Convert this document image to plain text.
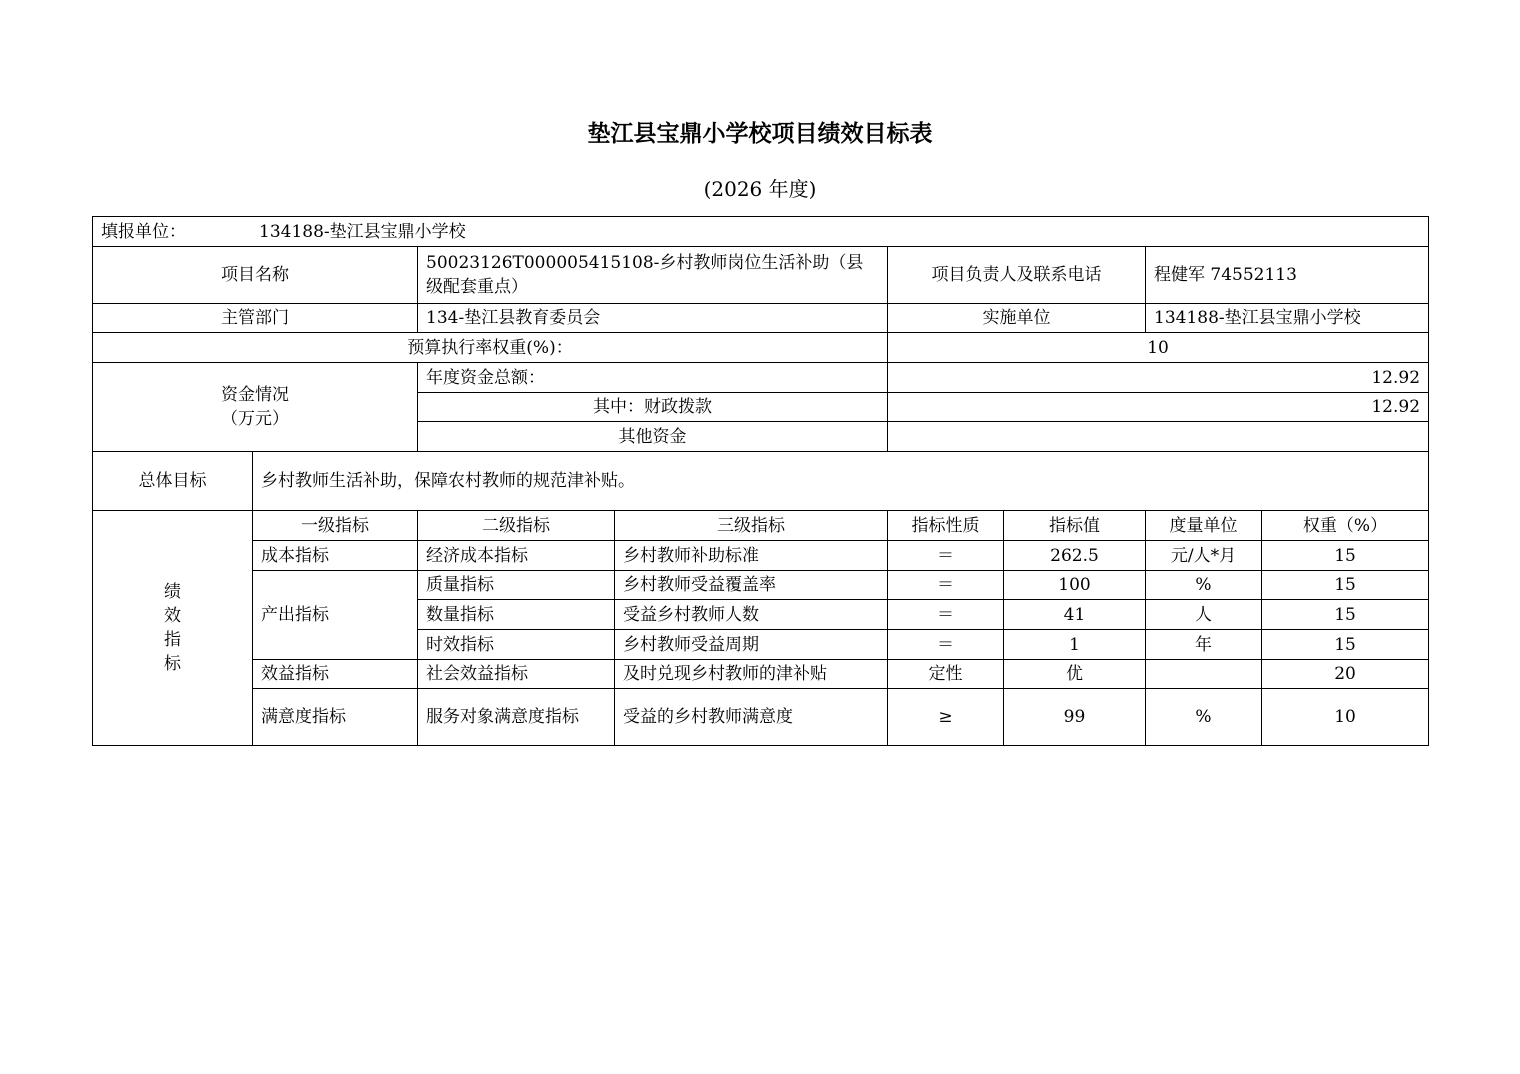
垫江县宝鼎小学校项目绩效目标表
(2026 年度)
填报单位： 134188-垫江县宝鼎小学校							
项目名称		50023126T000005415108-乡村教师岗位生活补助（县级配套重点）		项目负责人及联系电话		程健军 74552113	
主管部门		134-垫江县教育委员会		实施单位		134188-垫江县宝鼎小学校	
预算执行率权重(%)：				10			

资金情况
（万元）		年度资金总额：		12.92			
		其中：财政拨款		12.92			
		其他资金					
总体目标	乡村教师生活补助，保障农村教师的规范津补贴。						

绩
效
指
标	一级指标	二级指标	三级指标	指标性质	指标值	度量单位	权重（%）
	成本指标	经济成本指标	乡村教师补助标准	＝	262.5	元/人*月	15
	产出指标	质量指标	乡村教师受益覆盖率	＝	100	%	15
		数量指标	受益乡村教师人数	＝	41	人	15
		时效指标	乡村教师受益周期	＝	1	年	15
	效益指标	社会效益指标	及时兑现乡村教师的津补贴	定性	优		20
	满意度指标	服务对象满意度指标	受益的乡村教师满意度	≥	99	%	10
